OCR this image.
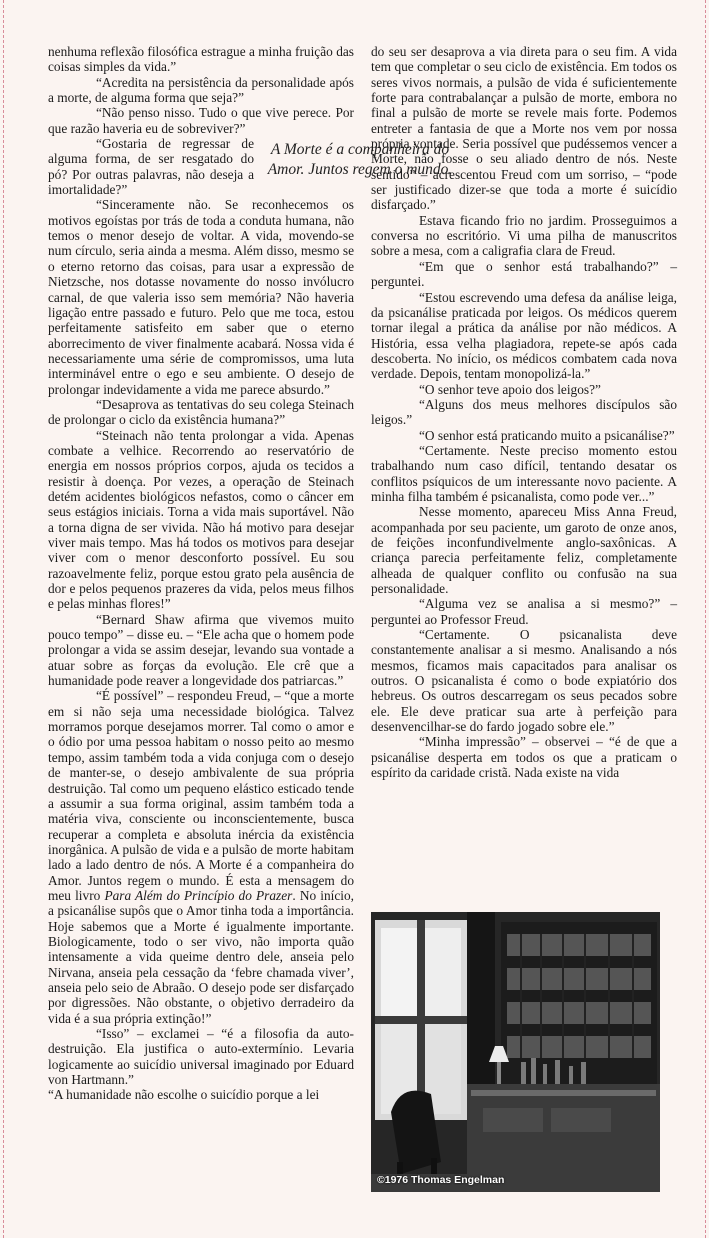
nenhuma reflexão filosófica estrague a minha fruição das coisas simples da vida.”

“Acredita na persistência da personalidade após a morte, de alguma forma que seja?”

“Não penso nisso. Tudo o que vive perece. Por que razão haveria eu de sobreviver?”

A Morte é a companheira do Amor. Juntos regem o mundo.

“Gostaria de regressar de alguma forma, de ser resgatado do pó? Por outras palavras, não deseja a imortalidade?”

“Sinceramente não. Se reconhecemos os motivos egoístas por trás de toda a conduta humana, não temos o menor desejo de voltar. A vida, movendo-se num círculo, seria ainda a mesma. Além disso, mesmo se o eterno retorno das coisas, para usar a expressão de Nietzsche, nos dotasse novamente do nosso invólucro carnal, de que valeria isso sem memória? Não haveria ligação entre passado e futuro. Pelo que me toca, estou perfeitamente satisfeito em saber que o eterno aborrecimento de viver finalmente acabará. Nossa vida é necessariamente uma série de compromissos, uma luta interminável entre o ego e seu ambiente. O desejo de prolongar indevidamente a vida me parece absurdo.”

“Desaprova as tentativas do seu colega Steinach de prolongar o ciclo da existência humana?”

“Steinach não tenta prolongar a vida. Apenas combate a velhice. Recorrendo ao reservatório de energia em nossos próprios corpos, ajuda os tecidos a resistir à doença. Por vezes, a operação de Steinach detém acidentes biológicos nefastos, como o câncer em seus estágios iniciais. Torna a vida mais suportável. Não a torna digna de ser vivida. Não há motivo para desejar viver mais tempo. Mas há todos os motivos para desejar viver com o menor desconforto possível. Eu sou razoavelmente feliz, porque estou grato pela ausência de dor e pelos pequenos prazeres da vida, pelos meus filhos e pelas minhas flores!”

“Bernard Shaw afirma que vivemos muito pouco tempo” – disse eu. – “Ele acha que o homem pode prolongar a vida se assim desejar, levando sua vontade a atuar sobre as forças da evolução. Ele crê que a humanidade pode reaver a longevidade dos patriarcas.”

“É possível” – respondeu Freud, – “que a morte em si não seja uma necessidade biológica. Talvez morramos porque desejamos morrer. Tal como o amor e o ódio por uma pessoa habitam o nosso peito ao mesmo tempo, assim também toda a vida conjuga com o desejo de manter-se, o desejo ambivalente de sua própria destruição. Tal como um pequeno elástico esticado tende a assumir a sua forma original, assim também toda a matéria viva, consciente ou inconscientemente, busca recuperar a completa e absoluta inércia da existência inorgânica. A pulsão de vida e a pulsão de morte habitam lado a lado dentro de nós. A Morte é a companheira do Amor. Juntos regem o mundo. É esta a mensagem do meu livro Para Além do Princípio do Prazer. No início, a psicanálise supôs que o Amor tinha toda a importância. Hoje sabemos que a Morte é igualmente importante. Biologicamente, todo o ser vivo, não importa quão intensamente a vida queime dentro dele, anseia pelo Nirvana, anseia pela cessação da ‘febre chamada viver’, anseia pelo seio de Abraão. O desejo pode ser disfarçado por digressões. Não obstante, o objetivo derradeiro da vida é a sua própria extinção!”

“Isso” – exclamei – “é a filosofia da auto-destruição. Ela justifica o auto-extermínio. Levaria logicamente ao suicídio universal imaginado por Eduard von Hartmann.”

“A humanidade não escolhe o suicídio porque a lei

do seu ser desaprova a via direta para o seu fim. A vida tem que completar o seu ciclo de existência. Em todos os seres vivos normais, a pulsão de vida é suficientemente forte para contrabalançar a pulsão de morte, embora no final a pulsão de morte se revele mais forte. Podemos entreter a fantasia de que a Morte nos vem por nossa própria vontade. Seria possível que pudéssemos vencer a Morte, não fosse o seu aliado dentro de nós. Neste sentido” – acrescentou Freud com um sorriso, – “pode ser justificado dizer-se que toda a morte é suicídio disfarçado.”

Estava ficando frio no jardim. Prosseguimos a conversa no escritório. Vi uma pilha de manuscritos sobre a mesa, com a caligrafia clara de Freud.

“Em que o senhor está trabalhando?” – perguntei.

“Estou escrevendo uma defesa da análise leiga, da psicanálise praticada por leigos. Os médicos querem tornar ilegal a prática da análise por não médicos. A História, essa velha plagiadora, repete-se após cada descoberta. No início, os médicos combatem cada nova verdade. Depois, tentam monopolizá-la.”

“O senhor teve apoio dos leigos?”

“Alguns dos meus melhores discípulos são leigos.”

“O senhor está praticando muito a psicanálise?”

“Certamente. Neste preciso momento estou trabalhando num caso difícil, tentando desatar os conflitos psíquicos de um interessante novo paciente. A minha filha também é psicanalista, como pode ver...”

Nesse momento, apareceu Miss Anna Freud, acompanhada por seu paciente, um garoto de onze anos, de feições inconfundivelmente anglo-saxônicas. A criança parecia perfeitamente feliz, completamente alheada de qualquer conflito ou confusão na sua personalidade.

“Alguma vez se analisa a si mesmo?” – perguntei ao Professor Freud.

“Certamente. O psicanalista deve constantemente analisar a si mesmo. Analisando a nós mesmos, ficamos mais capacitados para analisar os outros. O psicanalista é como o bode expiatório dos hebreus. Os outros descarregam os seus pecados sobre ele. Ele deve praticar sua arte à perfeição para desenvencilhar-se do fardo jogado sobre ele.”

“Minha impressão” – observei – “é de que a psicanálise desperta em todos os que a praticam o espírito da caridade cristã. Nada existe na vida

©1976 Thomas Engelman
